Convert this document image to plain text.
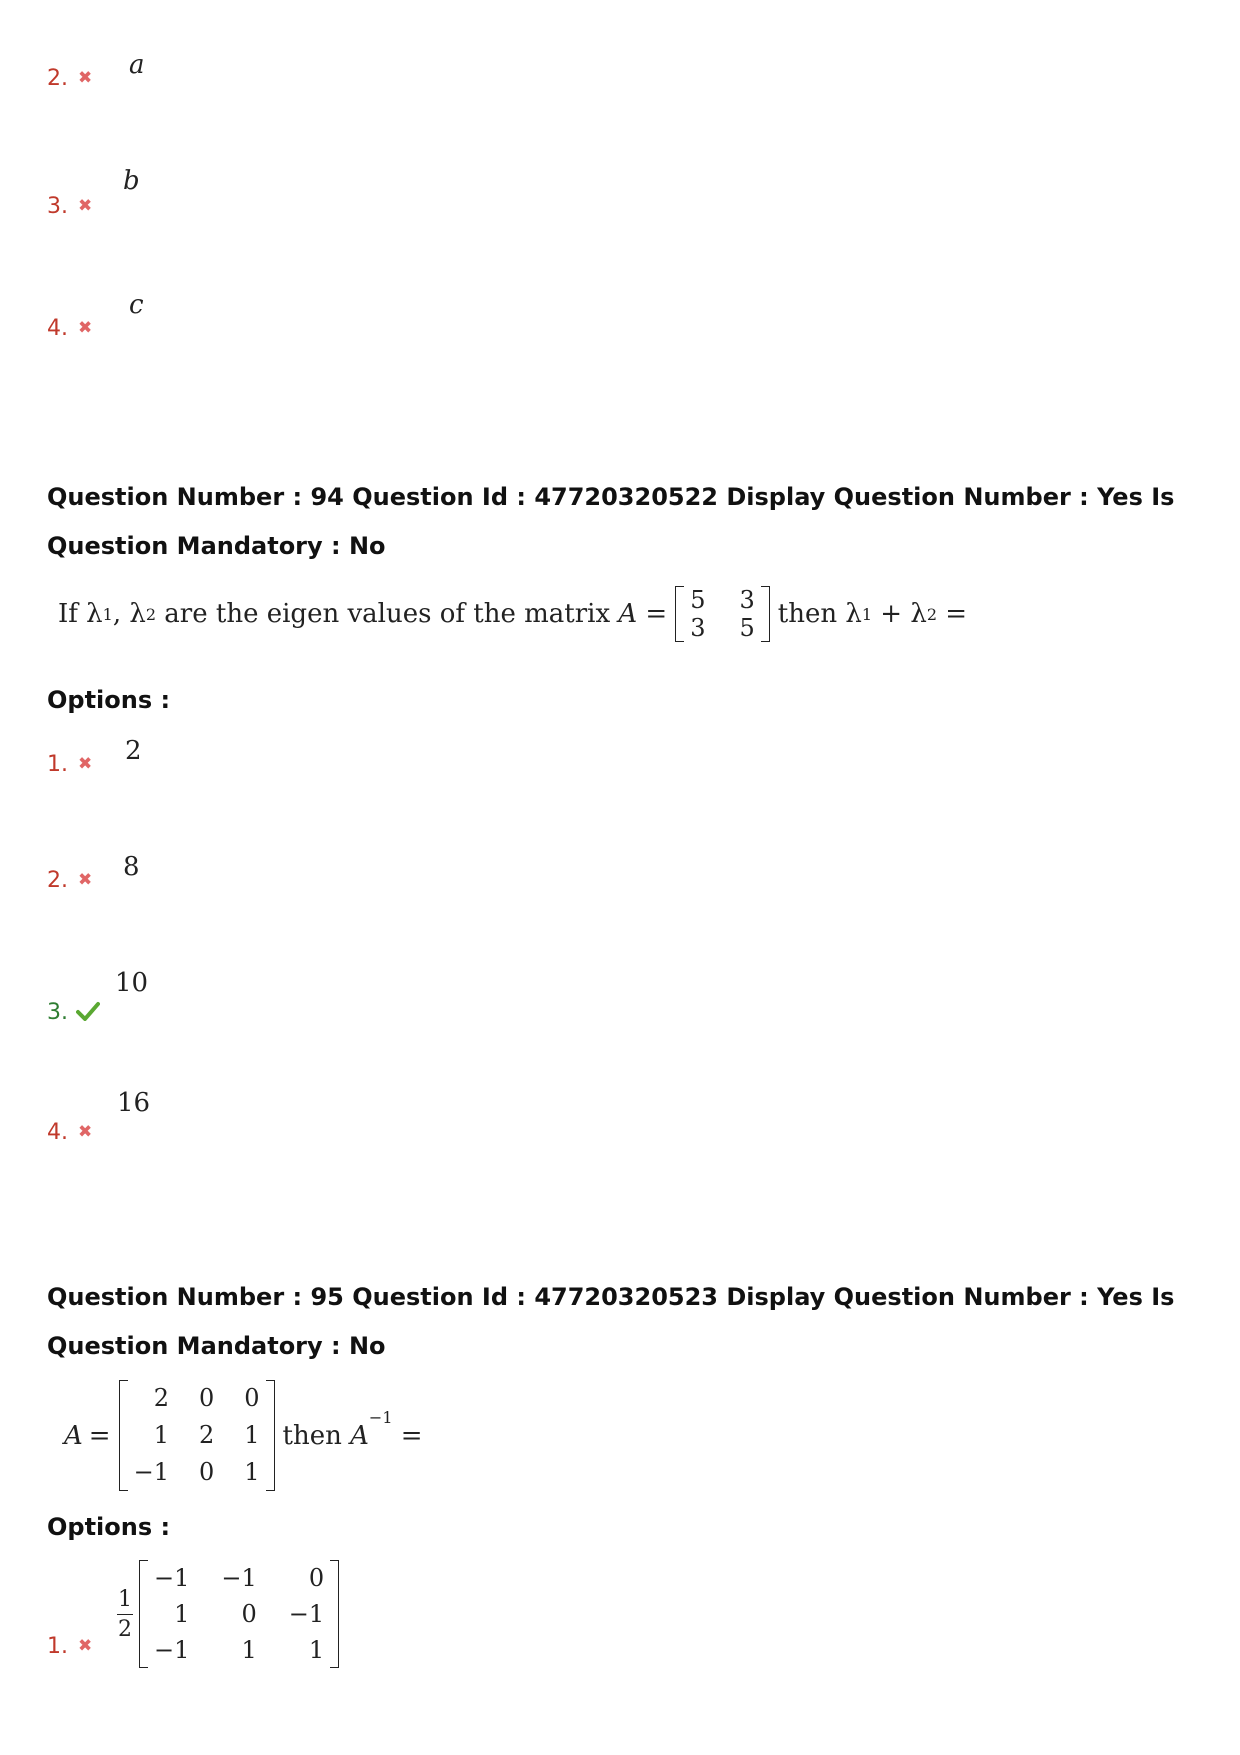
2. ✖ a
3. ✖
b
4. ✖
c
Question Number : 94 Question Id : 47720320522 Display Question Number : Yes Is Question Mandatory : No
If λ 1 , λ 2 are the eigen values of the matrix A = 5 3
3 5 then λ 1 + λ 2 =
Options :
1. ✖ 2
2. ✖ 8
3.
10
4. ✖
16
Question Number : 95 Question Id : 47720320523 Display Question Number : Yes Is Question Mandatory : No
A =
2 0 0
1 2 1
−1 0 1
then A
$^{-1}$
=
Options :
1. ✖
$\frac{1}{2}$
−1 −1	0
1	0 −1
−1	1	1
